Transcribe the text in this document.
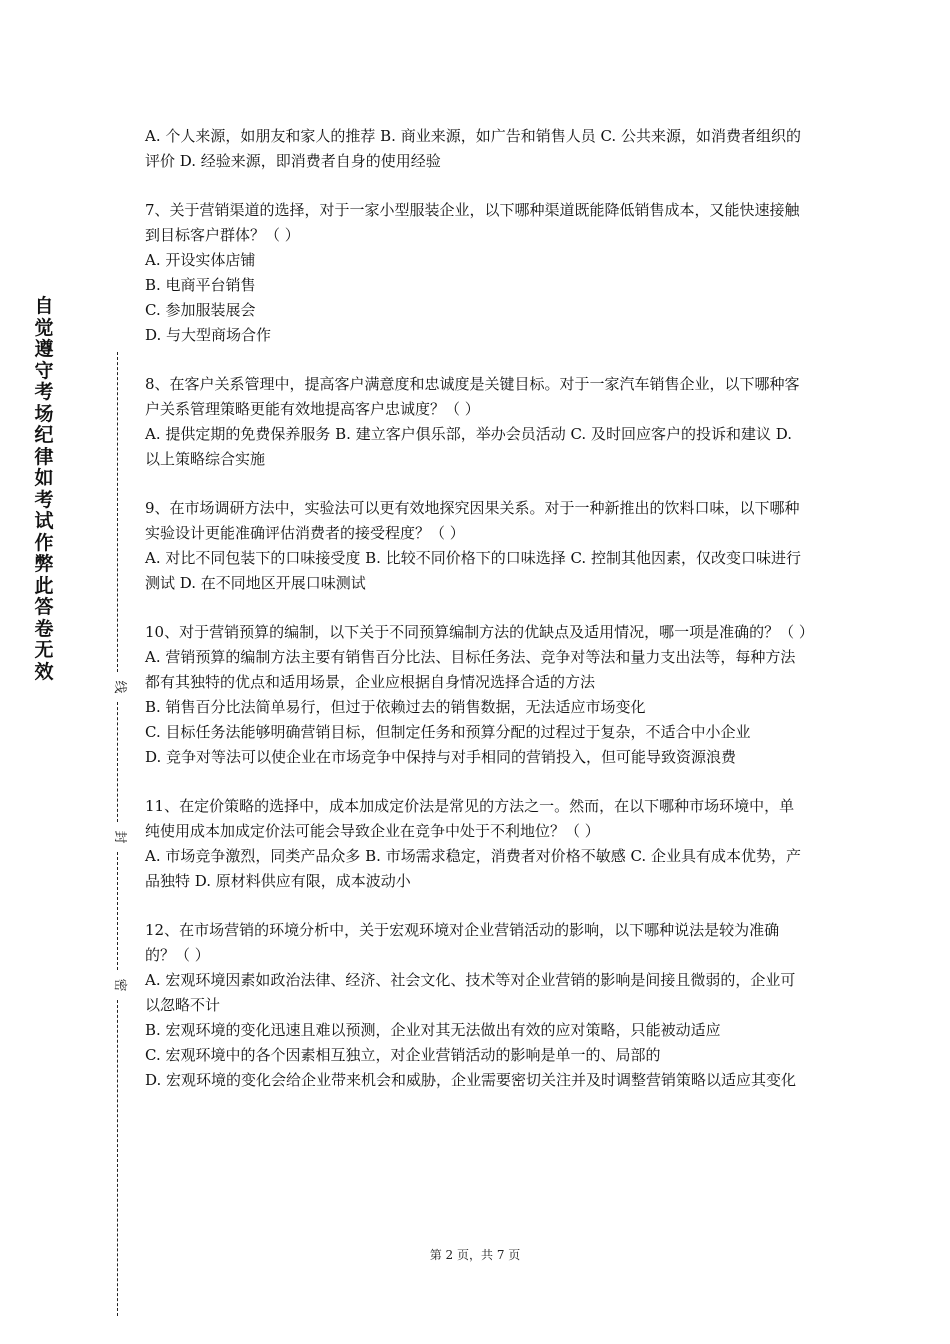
自觉遵守考场纪律如考试作弊此答卷无效
线
封
密

A. 个人来源，如朋友和家人的推荐 B. 商业来源，如广告和销售人员 C. 公共来源，如消费者组织的评价 D. 经验来源，即消费者自身的使用经验

7、关于营销渠道的选择，对于一家小型服装企业，以下哪种渠道既能降低销售成本，又能快速接触到目标客户群体？（ ）

A. 开设实体店铺

B. 电商平台销售

C. 参加服装展会

D. 与大型商场合作

8、在客户关系管理中，提高客户满意度和忠诚度是关键目标。对于一家汽车销售企业，以下哪种客户关系管理策略更能有效地提高客户忠诚度？（ ）

A. 提供定期的免费保养服务 B. 建立客户俱乐部，举办会员活动 C. 及时回应客户的投诉和建议 D. 以上策略综合实施

9、在市场调研方法中，实验法可以更有效地探究因果关系。对于一种新推出的饮料口味，以下哪种实验设计更能准确评估消费者的接受程度？（ ）

A. 对比不同包装下的口味接受度 B. 比较不同价格下的口味选择 C. 控制其他因素，仅改变口味进行测试 D. 在不同地区开展口味测试

10、对于营销预算的编制，以下关于不同预算编制方法的优缺点及适用情况，哪一项是准确的？（ ）

A. 营销预算的编制方法主要有销售百分比法、目标任务法、竞争对等法和量力支出法等，每种方法都有其独特的优点和适用场景，企业应根据自身情况选择合适的方法

B. 销售百分比法简单易行，但过于依赖过去的销售数据，无法适应市场变化

C. 目标任务法能够明确营销目标，但制定任务和预算分配的过程过于复杂，不适合中小企业

D. 竞争对等法可以使企业在市场竞争中保持与对手相同的营销投入，但可能导致资源浪费

11、在定价策略的选择中，成本加成定价法是常见的方法之一。然而，在以下哪种市场环境中，单纯使用成本加成定价法可能会导致企业在竞争中处于不利地位？（ ）

A. 市场竞争激烈，同类产品众多 B. 市场需求稳定，消费者对价格不敏感 C. 企业具有成本优势，产品独特 D. 原材料供应有限，成本波动小

12、在市场营销的环境分析中，关于宏观环境对企业营销活动的影响，以下哪种说法是较为准确的？（ ）

A. 宏观环境因素如政治法律、经济、社会文化、技术等对企业营销的影响是间接且微弱的，企业可以忽略不计

B. 宏观环境的变化迅速且难以预测，企业对其无法做出有效的应对策略，只能被动适应

C. 宏观环境中的各个因素相互独立，对企业营销活动的影响是单一的、局部的

D. 宏观环境的变化会给企业带来机会和威胁，企业需要密切关注并及时调整营销策略以适应其变化

第 2 页，共 7 页
